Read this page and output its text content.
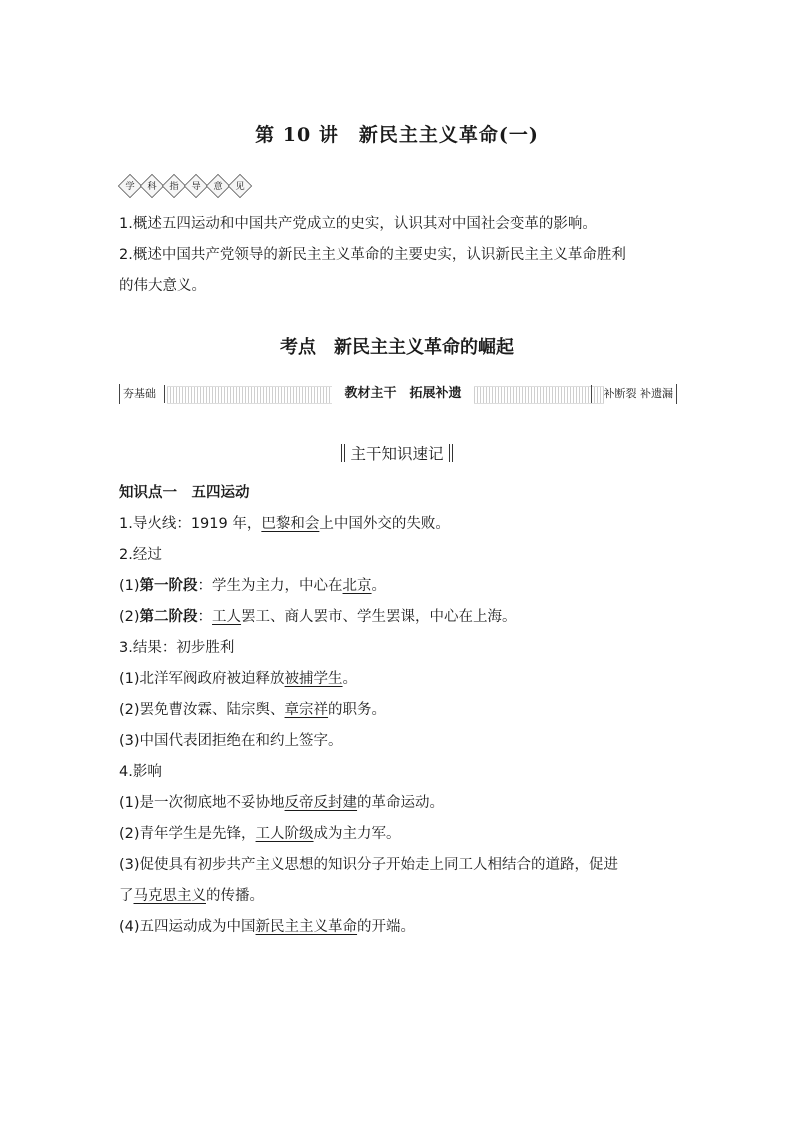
第 10 讲　新民主主义革命(一)
学	科	指	导	意	见
1.概述五四运动和中国共产党成立的史实，认识其对中国社会变革的影响。
2.概述中国共产党领导的新民主主义革命的主要史实，认识新民主主义革命胜利
的伟大意义。
考点　新民主主义革命的崛起
夯基础	教材主干　拓展补遗	补断裂 补遗漏
主干知识速记
知识点一　五四运动
1.导火线：1919 年，巴黎和会上中国外交的失败。
2.经过
(1)第一阶段：学生为主力，中心在北京。
(2)第二阶段：工人罢工、商人罢市、学生罢课，中心在上海。
3.结果：初步胜利
(1)北洋军阀政府被迫释放被捕学生。
(2)罢免曹汝霖、陆宗舆、章宗祥的职务。
(3)中国代表团拒绝在和约上签字。
4.影响
(1)是一次彻底地不妥协地反帝反封建的革命运动。
(2)青年学生是先锋，工人阶级成为主力军。
(3)促使具有初步共产主义思想的知识分子开始走上同工人相结合的道路，促进
了马克思主义的传播。
(4)五四运动成为中国新民主主义革命的开端。
